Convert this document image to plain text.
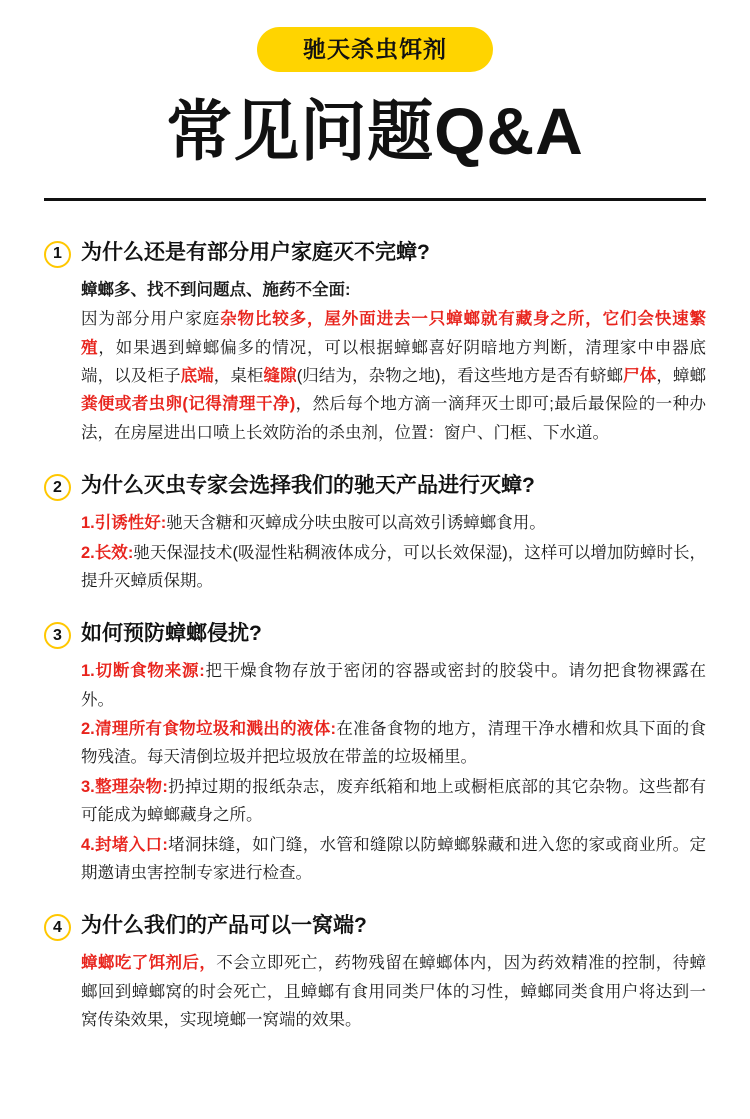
驰天杀虫饵剂
常见问题Q&A
1 为什么还是有部分用户家庭灭不完蟑?

蟑螂多、找不到问题点、施药不全面:

因为部分用户家庭杂物比较多，屋外面进去一只蟑螂就有藏身之所，它们会快速繁殖，如果遇到蟑螂偏多的情况，可以根据蟑螂喜好阴暗地方判断，清理家中申器底端，以及柜子底端，桌柜缝隙(归结为，杂物之地)，看这些地方是否有蛴螂尸体，蟑螂粪便或者虫卵(记得清理干净)，然后每个地方滴一滴拜灭士即可;最后最保险的一种办法，在房屋进出口喷上长效防治的杀虫剂，位置：窗户、门框、下水道。

2 为什么灭虫专家会选择我们的驰天产品进行灭蟑?

1.引诱性好:驰天含糖和灭蟑成分呋虫胺可以高效引诱蟑螂食用。

2.长效:驰天保湿技术(吸湿性粘稠液体成分，可以长效保湿)，这样可以增加防蟑时长，提升灭蟑质保期。

3 如何预防蟑螂侵扰?

1.切断食物来源:把干燥食物存放于密闭的容器或密封的胶袋中。请勿把食物裸露在外。

2.清理所有食物垃圾和溅出的液体:在准备食物的地方，清理干净水槽和炊具下面的食物残渣。每天清倒垃圾并把垃圾放在带盖的垃圾桶里。

3.整理杂物:扔掉过期的报纸杂志，废弃纸箱和地上或橱柜底部的其它杂物。这些都有可能成为蟑螂藏身之所。

4.封堵入口:堵洞抹缝，如门缝，水管和缝隙以防蟑螂躲藏和进入您的家或商业所。定期邀请虫害控制专家进行检查。

4 为什么我们的产品可以一窝端?

蟑螂吃了饵剂后，不会立即死亡，药物残留在蟑螂体内，因为药效精准的控制，待蟑螂回到蟑螂窝的时会死亡，且蟑螂有食用同类尸体的习性，蟑螂同类食用户将达到一窝传染效果，实现境螂一窝端的效果。
